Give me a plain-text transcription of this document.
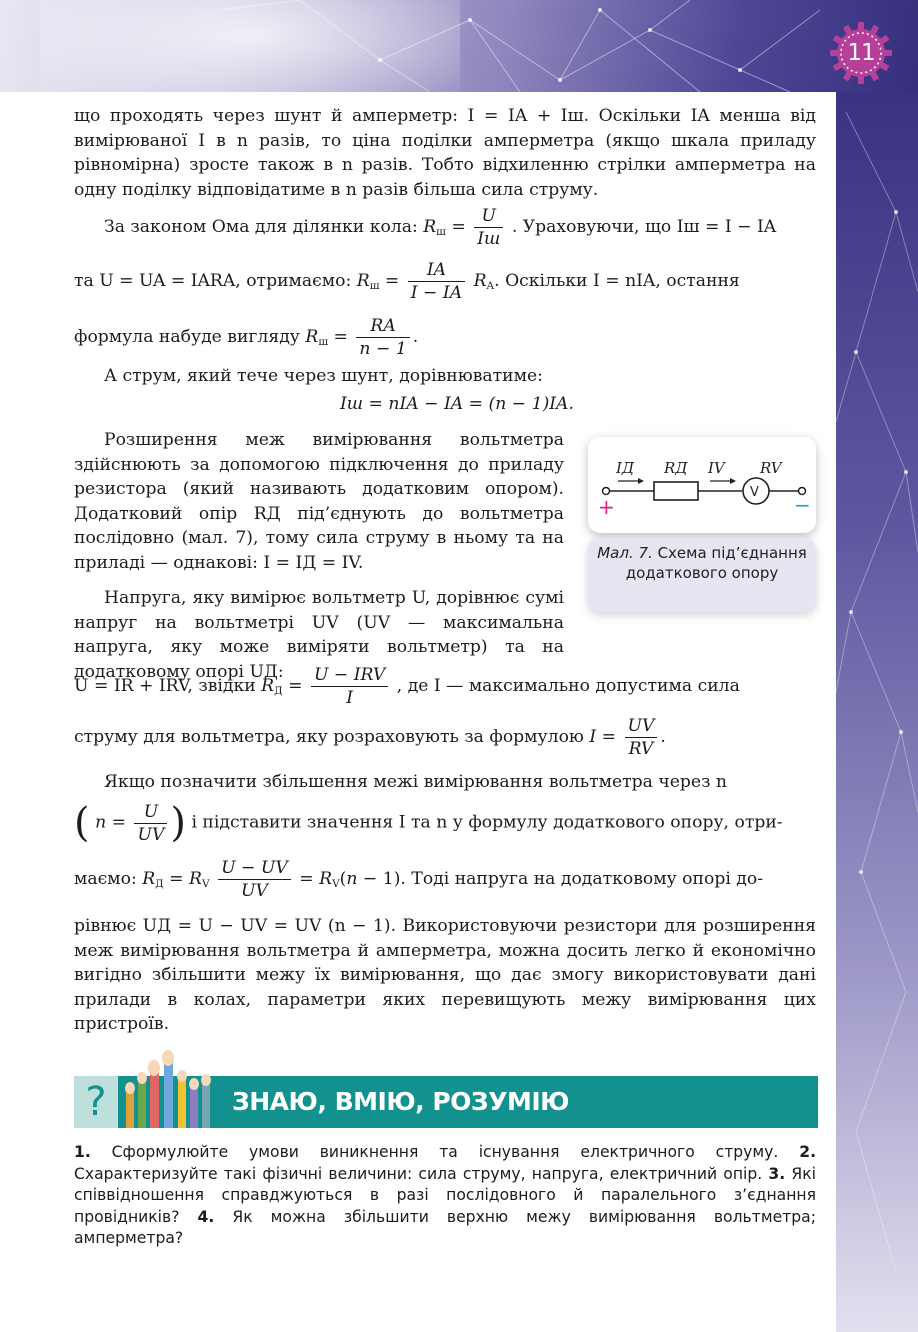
11
що проходять через шунт й амперметр: I = IA + Iш. Оскільки IA менша від вимірюваної I в n разів, то ціна поділки амперметра (якщо шкала приладу рівномірна) зросте також в n разів. Тобто відхиленню стрілки амперметра на одну поділку відповідатиме в n разів більша сила струму.
За законом Ома для ділянки кола: $R_ш = \frac{U}{Iш}$ . Ураховуючи, що Iш = I − IA
та U = UA = IARA, отримаємо: $R_ш = \frac{IA}{I - IA} R_A$. Оскільки I = nIA, остання
формула набуде вигляду $R_ш = \frac{RA}{n - 1}$ .
А струм, який тече через шунт, дорівнюватиме:
Iш = nIA − IA = (n − 1)IA.
Розширення меж вимірювання вольтметра здійснюють за допомогою підключення до приладу резистора (який називають додатковим опором). Додатковий опір RД під’єднують до вольтметра послідовно (мал. 7), тому сила струму в ньому та на приладі — однакові: I = IД = IV.
Напруга, яку вимірює вольтметр U, дорівнює сумі напруг на вольтметрі UV (UV — максимальна напруга, яку може виміряти вольтметр) та на додатковому опорі UД:
U = IR + IRV, звідки $R_Д = \frac{\text{U − IRV}}{I}$ , де I — максимально допустима сила
струму для вольтметра, яку розраховують за формулою $I = \frac{UV}{RV}$ .
Якщо позначити збільшення межі вимірювання вольтметра через n
( $n = \frac{U}{UV}$ ) і підставити значення I та n у формулу додаткового опору, отри-
маємо: $R_Д = R_V \frac{U - UV}{UV} = R_V(n - 1)$. Тоді напруга на додатковому опорі до-
рівнює UД = U − UV = UV (n − 1). Використовуючи резистори для розширення меж вимірювання вольтметра й амперметра, можна досить легко й економічно вигідно збільшити межу їх вимірювання, що дає змогу використовувати дані прилади в колах, параметри яких перевищують межу вимірювання цих пристроїв.
IД RД IV RV
V
+	−
Мал. 7. Схема під’єднання додаткового опору
?	ЗНАЮ, ВМІЮ, РОЗУМІЮ
1. Сформулюйте умови виникнення та існування електричного струму. 2. Схарактеризуйте такі фізичні величини: сила струму, напруга, електричний опір. 3. Які співвідношення справджуються в разі послідовного й паралельного з’єднання провідників? 4. Як можна збільшити верхню межу вимірювання вольтметра; амперметра?
